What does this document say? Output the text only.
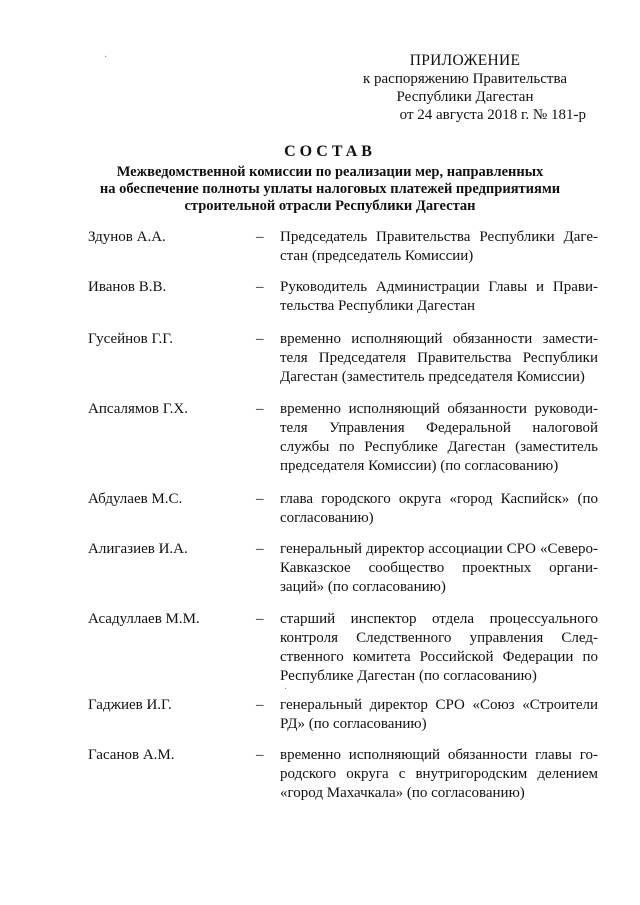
·
·
ПРИЛОЖЕНИЕ
к распоряжению Правительства
Республики Дагестан
от 24 августа 2018 г. № 181-р
СОСТАВ
Межведомственной комиссии по реализации мер, направленных
на обеспечение полноты уплаты налоговых платежей предприятиями
строительной отрасли Республики Дагестан
Здунов А.А.	– Председатель Правительства Республики Даге-
стан (председатель Комиссии)
Иванов В.В.	– Руководитель Администрации Главы и Прави-
тельства Республики Дагестан
Гусейнов Г.Г.	– временно исполняющий обязанности замести-
теля Председателя Правительства Республики
Дагестан (заместитель председателя Комиссии)
Апсалямов Г.Х.	– временно исполняющий обязанности руководи-
теля Управления Федеральной налоговой
службы по Республике Дагестан (заместитель
председателя Комиссии) (по согласованию)
Абдулаев М.С.	– глава городского округа «город Каспийск» (по
согласованию)
Алигазиев И.А.	– генеральный директор ассоциации СРО «Северо-
Кавказское сообщество проектных органи-
заций» (по согласованию)
Асадуллаев М.М.	– старший инспектор отдела процессуального
контроля Следственного управления След-
ственного комитета Российской Федерации по
Республике Дагестан (по согласованию)
Гаджиев И.Г.	– генеральный директор СРО «Союз «Строители
РД» (по согласованию)
Гасанов А.М.	– временно исполняющий обязанности главы го-
родского округа с внутригородским делением
«город Махачкала» (по согласованию)
